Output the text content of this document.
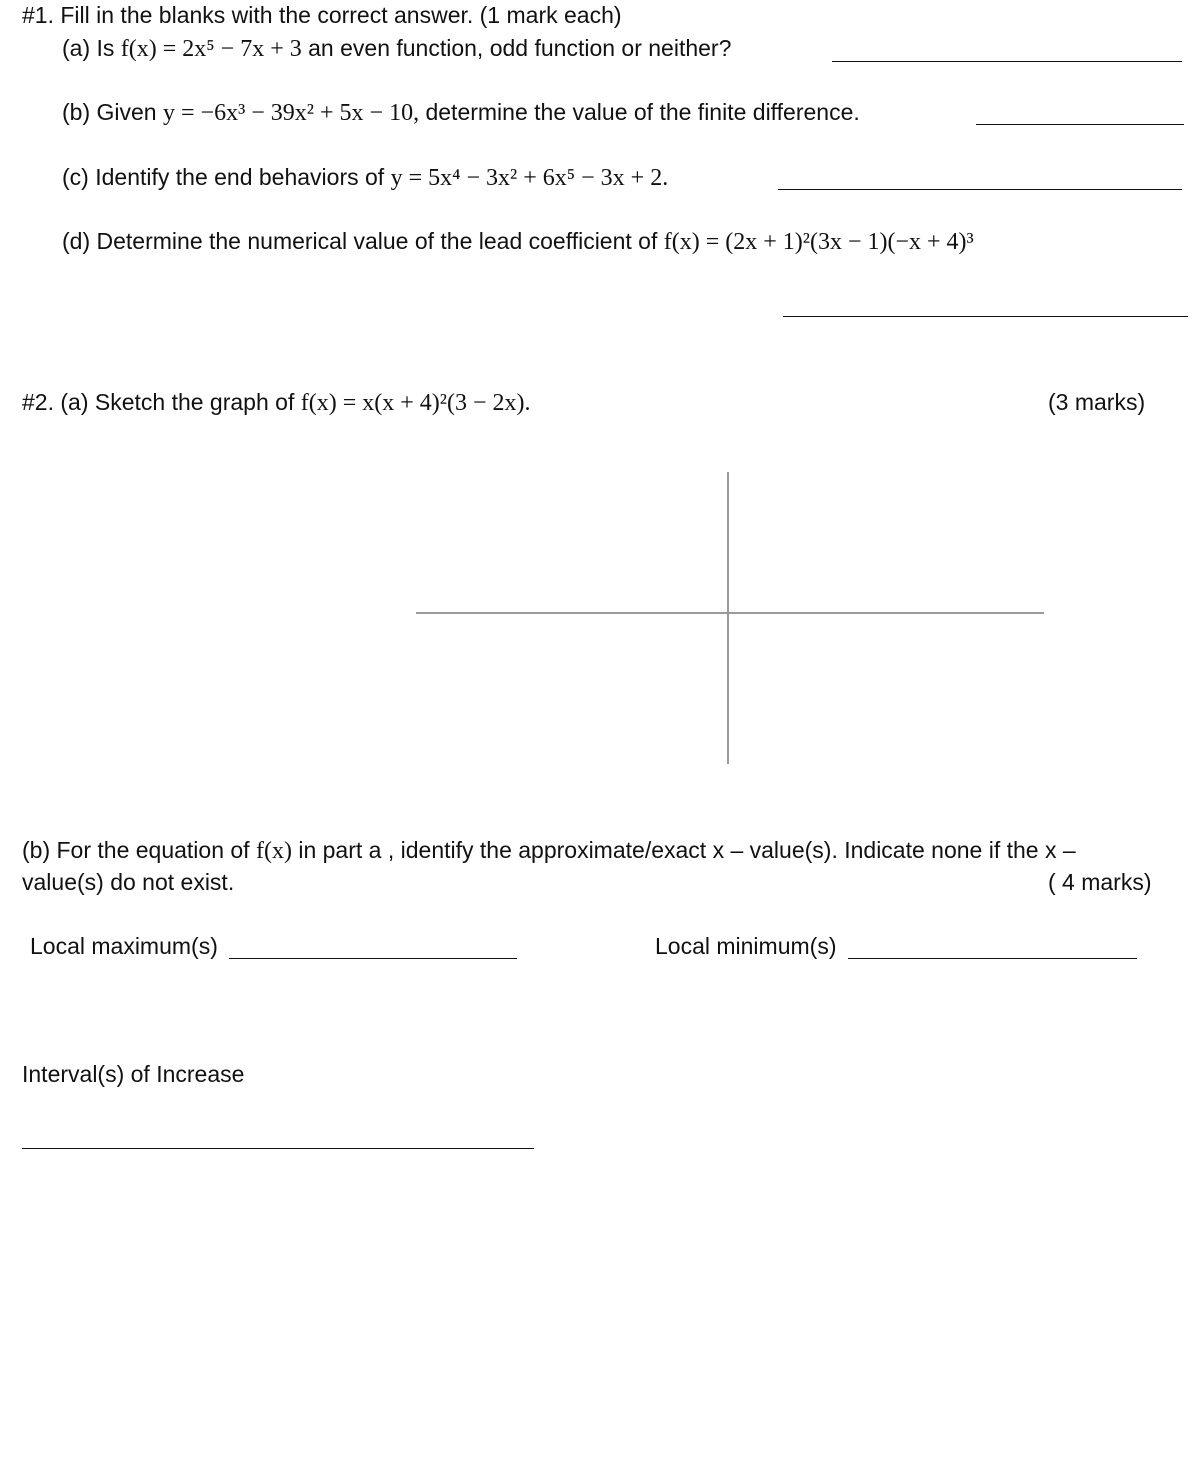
#1. Fill in the blanks with the correct answer. (1 mark each)
(a) Is f(x) = 2x⁵ − 7x + 3 an even function, odd function or neither?
(b) Given y = −6x³ − 39x² + 5x − 10, determine the value of the finite difference.
(c) Identify the end behaviors of y = 5x⁴ − 3x² + 6x⁵ − 3x + 2.
(d) Determine the numerical value of the lead coefficient of f(x) = (2x + 1)²(3x − 1)(−x + 4)³
#2. (a) Sketch the graph of f(x) = x(x + 4)²(3 − 2x).	(3 marks)
(b) For the equation of f(x) in part a , identify the approximate/exact x – value(s). Indicate none if the x –
value(s) do not exist.	( 4 marks)
Local maximum(s)	Local minimum(s)
Interval(s) of Increase
